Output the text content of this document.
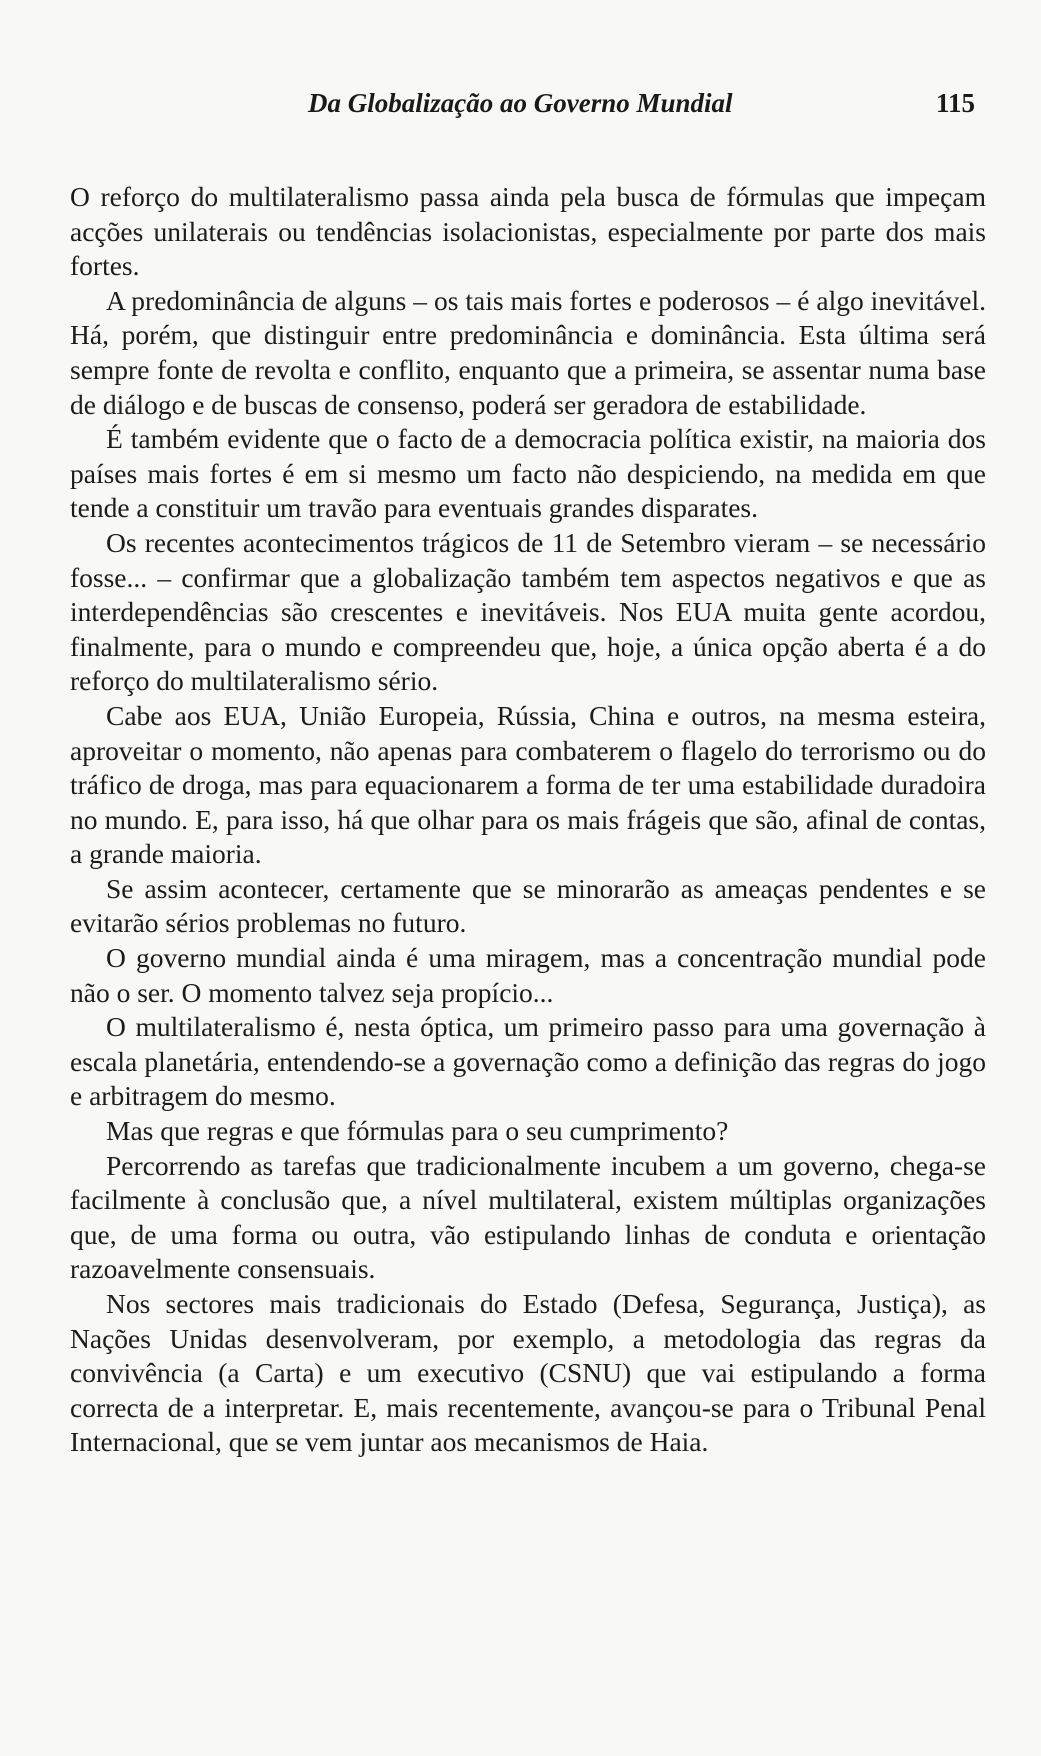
Da Globalização ao Governo Mundial	115

O reforço do multilateralismo passa ainda pela busca de fórmulas que impeçam acções unilaterais ou tendências isolacionistas, especialmente por parte dos mais fortes.

A predominância de alguns – os tais mais fortes e poderosos – é algo inevitável. Há, porém, que distinguir entre predominância e dominância. Esta última será sempre fonte de revolta e conflito, enquanto que a primeira, se assentar numa base de diálogo e de buscas de consenso, poderá ser geradora de estabilidade.

É também evidente que o facto de a democracia política existir, na maioria dos países mais fortes é em si mesmo um facto não despiciendo, na medida em que tende a constituir um travão para eventuais grandes disparates.

Os recentes acontecimentos trágicos de 11 de Setembro vieram – se necessário fosse... – confirmar que a globalização também tem aspectos negativos e que as interdependências são crescentes e inevitáveis. Nos EUA muita gente acordou, finalmente, para o mundo e compreendeu que, hoje, a única opção aberta é a do reforço do multilateralismo sério.

Cabe aos EUA, União Europeia, Rússia, China e outros, na mesma esteira, aproveitar o momento, não apenas para combaterem o flagelo do terrorismo ou do tráfico de droga, mas para equacionarem a forma de ter uma estabilidade duradoira no mundo. E, para isso, há que olhar para os mais frágeis que são, afinal de contas, a grande maioria.

Se assim acontecer, certamente que se minorarão as ameaças pendentes e se evitarão sérios problemas no futuro.

O governo mundial ainda é uma miragem, mas a concentração mundial pode não o ser. O momento talvez seja propício...

O multilateralismo é, nesta óptica, um primeiro passo para uma governação à escala planetária, entendendo-se a governação como a definição das regras do jogo e arbitragem do mesmo.

Mas que regras e que fórmulas para o seu cumprimento?

Percorrendo as tarefas que tradicionalmente incubem a um governo, chega-se facilmente à conclusão que, a nível multilateral, existem múltiplas organizações que, de uma forma ou outra, vão estipulando linhas de conduta e orientação razoavelmente consensuais.

Nos sectores mais tradicionais do Estado (Defesa, Segurança, Justiça), as Nações Unidas desenvolveram, por exemplo, a metodologia das regras da convivência (a Carta) e um executivo (CSNU) que vai estipulando a forma correcta de a interpretar. E, mais recentemente, avançou-se para o Tribunal Penal Internacional, que se vem juntar aos mecanismos de Haia.
